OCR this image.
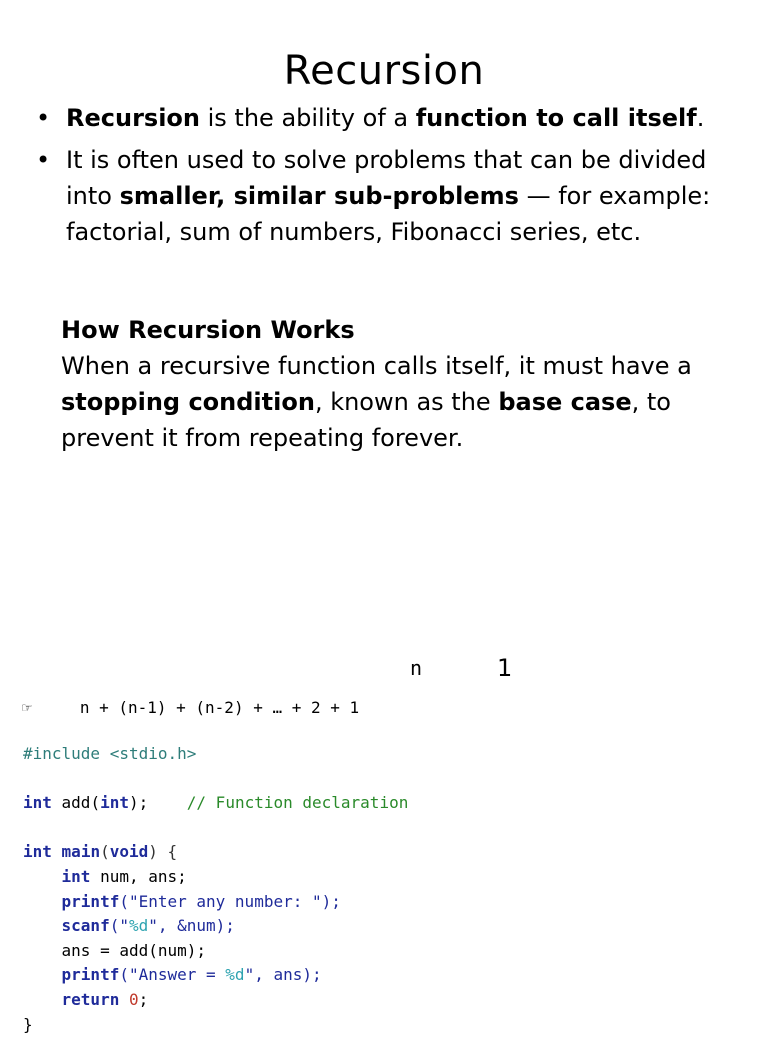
Recursion
• Recursion is the ability of a function to call itself.
• It is often used to solve problems that can be divided into smaller, similar sub-problems — for example: factorial, sum of numbers, Fibonacci series, etc.
How Recursion Works
When a recursive function calls itself, it must have a stopping condition, known as the base case, to prevent it from repeating forever.
n	1
☞	n + (n-1) + (n-2) + … + 2 + 1
#include <stdio.h>

int add(int); // Function declaration

int main(void) {
int num, ans;
printf("Enter any number: ");
scanf("%d", &num);
ans = add(num);
printf("Answer = %d", ans);
return 0;
}
